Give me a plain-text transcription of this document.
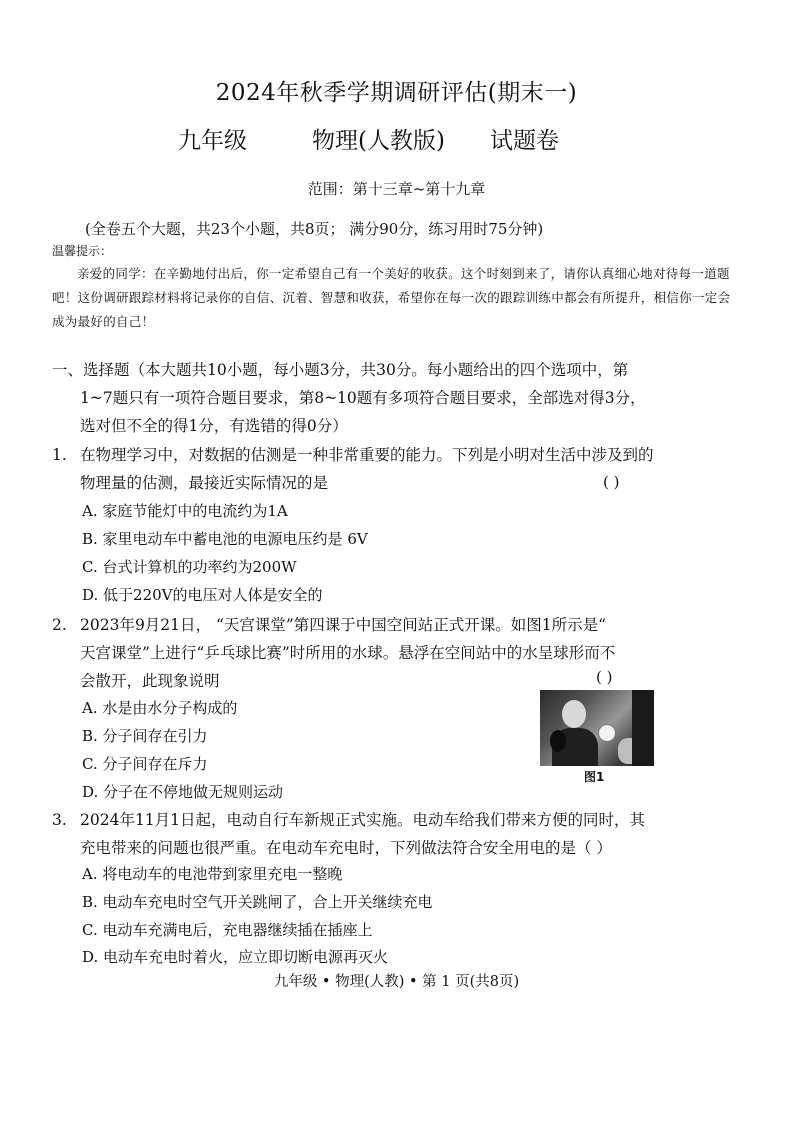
2024年秋季学期调研评估(期末一)
九年级	物理(人教版) 试题卷
范围：第十三章~第十九章
(全卷五个大题，共23个小题，共8页； 满分90分，练习用时75分钟)
温馨提示：
亲爱的同学：在辛勤地付出后，你一定希望自己有一个美好的收获。这个时刻到来了，请你认真细心地对待每一道题吧！这份调研跟踪材料将记录你的自信、沉着、智慧和收获，希望你在每一次的跟踪训练中都会有所提升，相信你一定会成为最好的自己！
一、选择题（本大题共10小题，每小题3分，共30分。每小题给出的四个选项中，第
1~7题只有一项符合题目要求，第8~10题有多项符合题目要求，全部选对得3分，
选对但不全的得1分，有选错的得0分）
1. 在物理学习中，对数据的估测是一种非常重要的能力。下列是小明对生活中涉及到的
物理量的估测，最接近实际情况的是	( )
A. 家庭节能灯中的电流约为1A
B. 家里电动车中蓄电池的电源电压约是 6V
C. 台式计算机的功率约为200W
D. 低于220V的电压对人体是安全的
2. 2023年9月21日， “天宫课堂”第四课于中国空间站正式开课。如图1所示是“
天宫课堂”上进行“乒乓球比赛”时所用的水球。悬浮在空间站中的水呈球形而不
会散开，此现象说明	( )
A. 水是由水分子构成的
B. 分子间存在引力
C. 分子间存在斥力
D. 分子在不停地做无规则运动
图1
3. 2024年11月1日起，电动自行车新规正式实施。电动车给我们带来方便的同时，其
充电带来的问题也很严重。在电动车充电时，下列做法符合安全用电的是（ ）
A. 将电动车的电池带到家里充电一整晚
B. 电动车充电时空气开关跳闸了，合上开关继续充电
C. 电动车充满电后，充电器继续插在插座上
D. 电动车充电时着火，应立即切断电源再灭火
九年级 • 物理(人教) • 第 1 页(共8页)
